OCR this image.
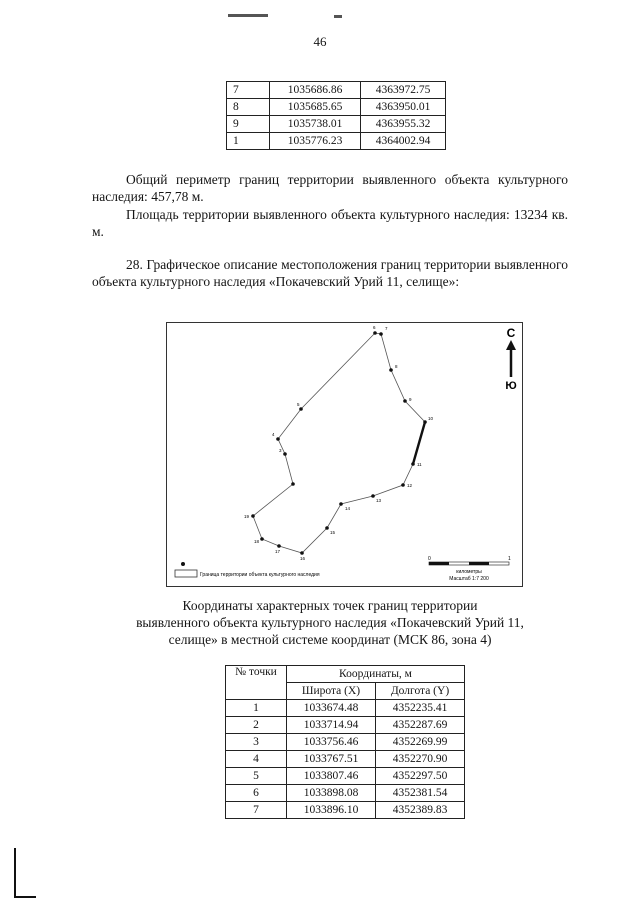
46
7	1035686.86	4363972.75
8	1035685.65	4363950.01
9	1035738.01	4363955.32
1	1035776.23	4364002.94

Общий периметр границ территории выявленного объекта культурного наследия: 457,78 м.

Площадь территории выявленного объекта культурного наследия: 13234 кв. м.

28. Графическое описание местоположения границ территории выявленного объекта культурного наследия «Покачевский Урий 11, селище»:

3
4
5
6 7
8
9
10
11
12
13
14
15
16
17
18
19
С
Ю
Граница территории объекта культурного наследия
0	1
километры
Масштаб 1:7 200
Координаты характерных точек границ территории
выявленного объекта культурного наследия «Покачевский Урий 11,
селище» в местной системе координат (МСК 86, зона 4)
№ точки	Координаты, м	
	Широта (X)	Долгота (Y)
1	1033674.48	4352235.41
2	1033714.94	4352287.69
3	1033756.46	4352269.99
4	1033767.51	4352270.90
5	1033807.46	4352297.50
6	1033898.08	4352381.54
7	1033896.10	4352389.83
